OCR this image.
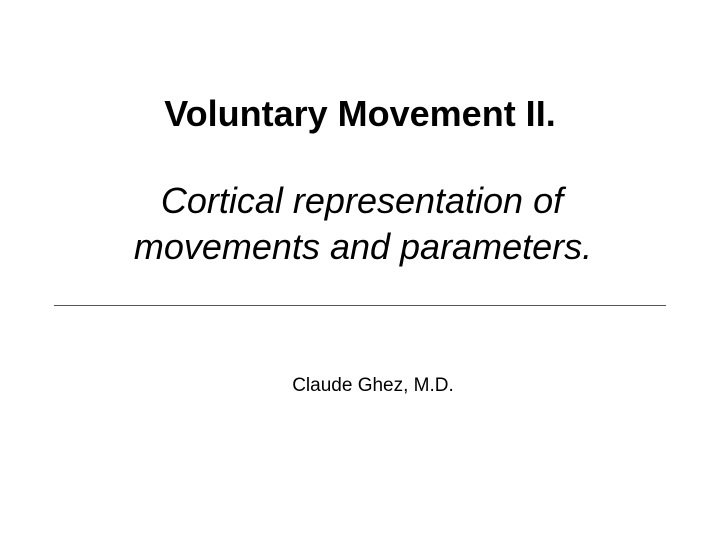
Voluntary Movement II.
Cortical representation of
movements and parameters.
Claude Ghez, M.D.
